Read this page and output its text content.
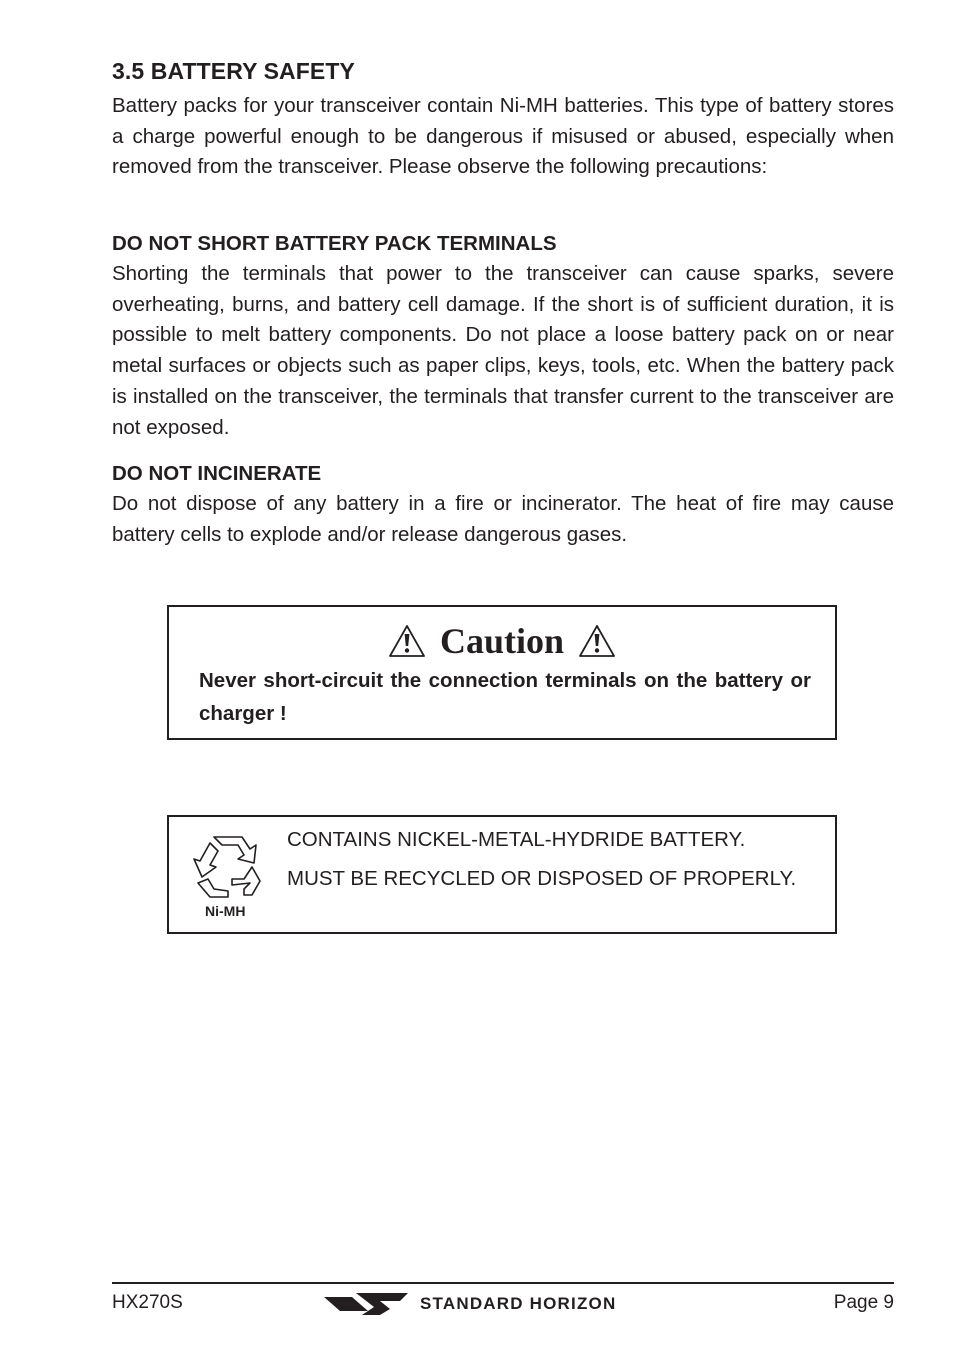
3.5 BATTERY SAFETY

Battery packs for your transceiver contain Ni-MH batteries. This type of battery stores a charge powerful enough to be dangerous if misused or abused, especially when removed from the transceiver. Please observe the following precautions:

DO NOT SHORT BATTERY PACK TERMINALS

Shorting the terminals that power to the transceiver can cause sparks, severe overheating, burns, and battery cell damage. If the short is of sufficient duration, it is possible to melt battery components. Do not place a loose battery pack on or near metal surfaces or objects such as paper clips, keys, tools, etc. When the battery pack is installed on the transceiver, the terminals that transfer current to the transceiver are not exposed.

DO NOT INCINERATE

Do not dispose of any battery in a fire or incinerator. The heat of fire may cause battery cells to explode and/or release dangerous gases.

Caution

Never short-circuit the connection terminals on the battery or charger !

Ni-MH

CONTAINS NICKEL-METAL-HYDRIDE BATTERY.

MUST BE RECYCLED OR DISPOSED OF PROPERLY.

HX270S	STANDARD HORIZON	Page 9
